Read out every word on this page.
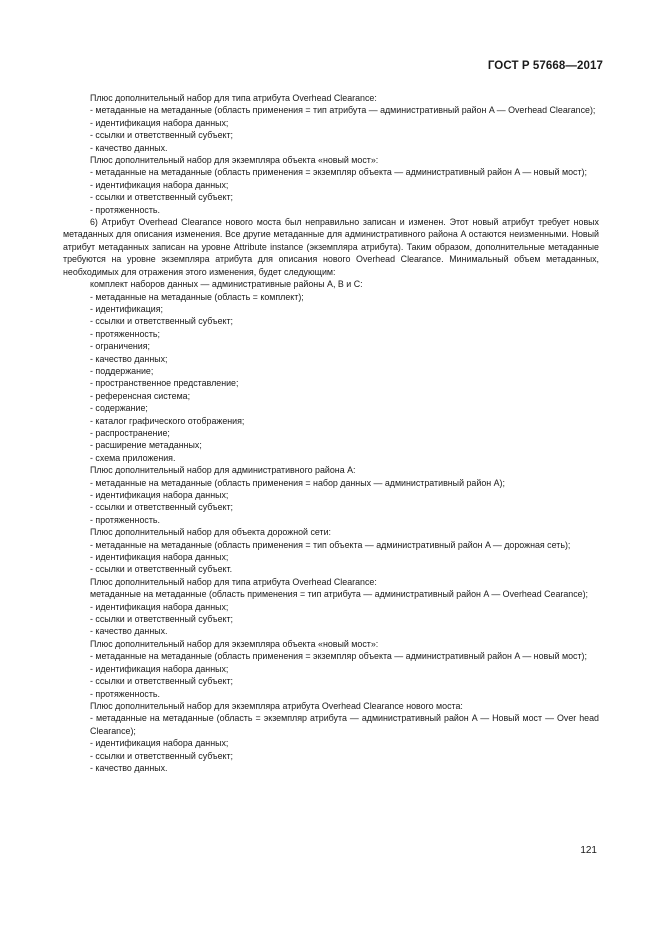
ГОСТ Р 57668—2017

Плюс дополнительный набор для типа атрибута Overhead Clearance:

- метаданные на метаданные (область применения = тип атрибута — административный район A — Overhead Clearance);

- идентификация набора данных;

- ссылки и ответственный субъект;

- качество данных.

Плюс дополнительный набор для экземпляра объекта «новый мост»:

- метаданные на метаданные (область применения = экземпляр объекта — административный район A — новый мост);

- идентификация набора данных;

- ссылки и ответственный субъект;

- протяженность.

6) Атрибут Overhead Clearance нового моста был неправильно записан и изменен. Этот новый атрибут требует новых метаданных для описания изменения. Все другие метаданные для административного района A остаются неизменными. Новый атрибут метаданных записан на уровне Attribute instance (экземпляра атрибута). Таким образом, дополнительные метаданные требуются на уровне экземпляра атрибута для описания нового Overhead Clearance. Минимальный объем метаданных, необходимых для отражения этого изменения, будет следующим:

комплект наборов данных — административные районы A, B и C:

- метаданные на метаданные (область = комплект);

- идентификация;

- ссылки и ответственный субъект;

- протяженность;

- ограничения;

- качество данных;

- поддержание;

- пространственное представление;

- референсная система;

- содержание;

- каталог графического отображения;

- распространение;

- расширение метаданных;

- схема приложения.

Плюс дополнительный набор для административного района A:

- метаданные на метаданные (область применения = набор данных — административный район A);

- идентификация набора данных;

- ссылки и ответственный субъект;

- протяженность.

Плюс дополнительный набор для объекта дорожной сети:

- метаданные на метаданные (область применения = тип объекта — административный район A — дорожная сеть);

- идентификация набора данных;

- ссылки и ответственный субъект.

Плюс дополнительный набор для типа атрибута Overhead Clearance:

метаданные на метаданные (область применения = тип атрибута — административный район A — Overhead Cearance);

- идентификация набора данных;

- ссылки и ответственный субъект;

- качество данных.

Плюс дополнительный набор для экземпляра объекта «новый мост»:

- метаданные на метаданные (область применения = экземпляр объекта — административный район A — новый мост);

- идентификация набора данных;

- ссылки и ответственный субъект;

- протяженность.

Плюс дополнительный набор для экземпляра атрибута Overhead Clearance нового моста:

- метаданные на метаданные (область = экземпляр атрибута — административный район A — Новый мост — Over head Clearance);

- идентификация набора данных;

- ссылки и ответственный субъект;

- качество данных.

121
